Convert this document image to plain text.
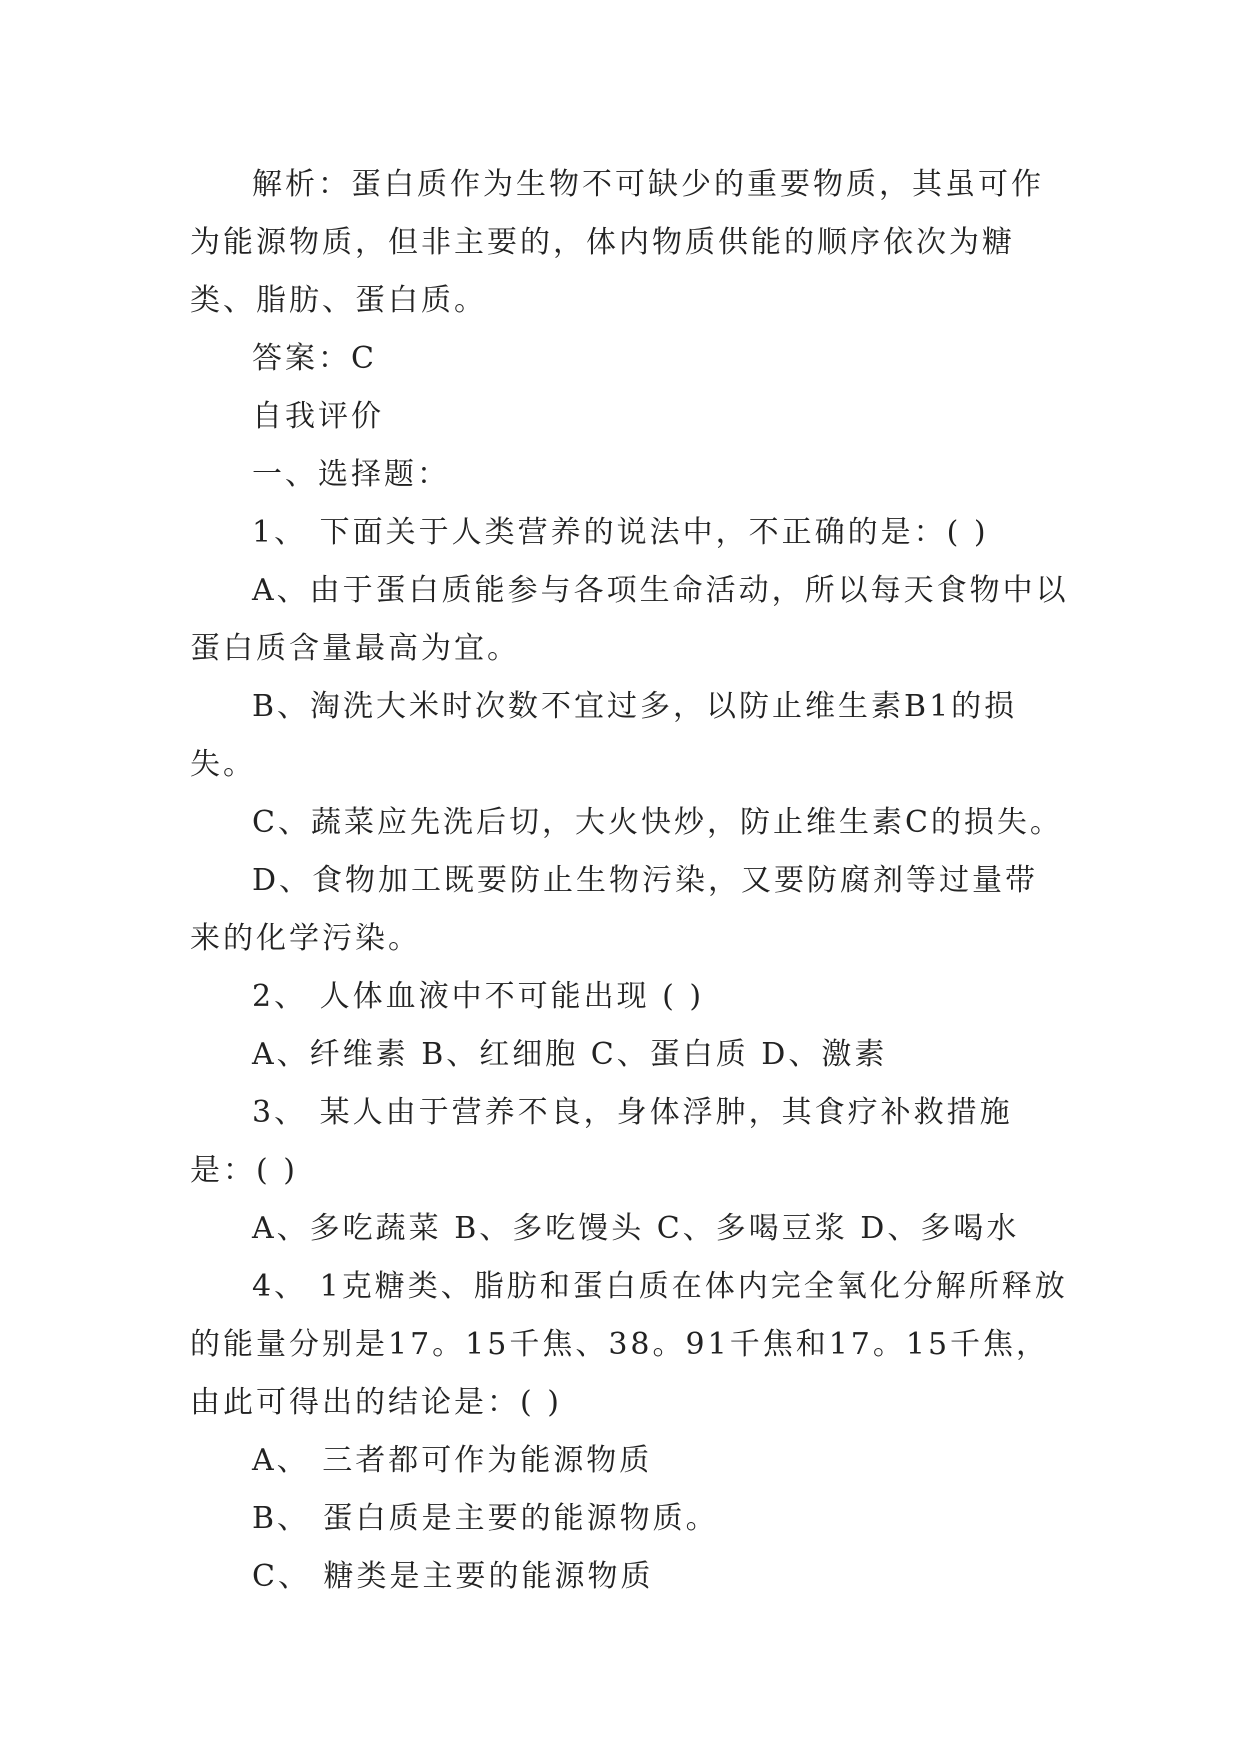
解析：蛋白质作为生物不可缺少的重要物质，其虽可作为能源物质，但非主要的，体内物质供能的顺序依次为糖类、脂肪、蛋白质。

答案：C

自我评价

一、选择题：

1、 下面关于人类营养的说法中，不正确的是：( )

A、由于蛋白质能参与各项生命活动，所以每天食物中以蛋白质含量最高为宜。

B、淘洗大米时次数不宜过多，以防止维生素B1的损失。

C、蔬菜应先洗后切，大火快炒，防止维生素C的损失。

D、食物加工既要防止生物污染，又要防腐剂等过量带来的化学污染。

2、 人体血液中不可能出现 ( )

A、纤维素 B、红细胞 C、蛋白质 D、激素

3、 某人由于营养不良，身体浮肿，其食疗补救措施是：( )

A、多吃蔬菜 B、多吃馒头 C、多喝豆浆 D、多喝水

4、 1克糖类、脂肪和蛋白质在体内完全氧化分解所释放的能量分别是17。15千焦、38。91千焦和17。15千焦，由此可得出的结论是：( )

A、 三者都可作为能源物质

B、 蛋白质是主要的能源物质。

C、 糖类是主要的能源物质
